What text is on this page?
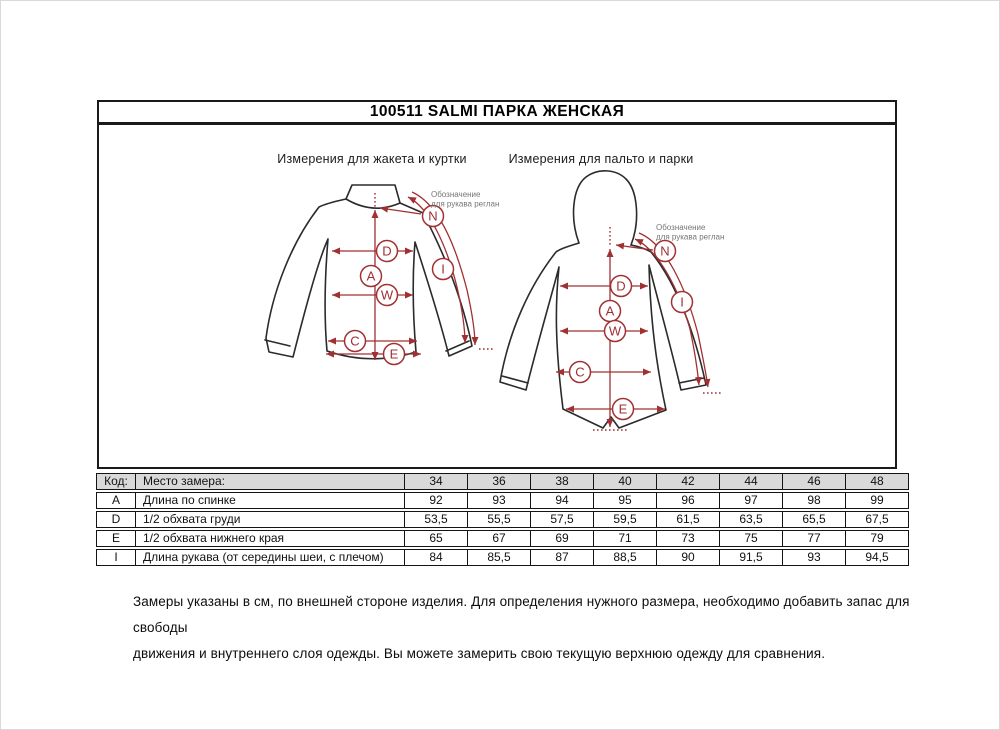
100511 SALMI ПАРКА ЖЕНСКАЯ
Измерения для жакета и куртки	Измерения для пальто и парки
D
A
W
C
E
I
N
Обозначение
для рукава реглан
D
A
W
C
E
I
N
Обозначение
для рукава реглан
Код:	Место замера:	34	36	38	40	42	44	46	48
A	Длина по спинке	92	93	94	95	96	97	98	99
D	1/2 обхвата груди	53,5	55,5	57,5	59,5	61,5	63,5	65,5	67,5
E	1/2 обхвата нижнего края	65	67	69	71	73	75	77	79
I	Длина рукава (от середины шеи, с плечом)	84	85,5	87	88,5	90	91,5	93	94,5
Замеры указаны в см, по внешней стороне изделия. Для определения нужного размера, необходимо добавить запас для свободы
движения и внутреннего слоя одежды. Вы можете замерить свою текущую верхнюю одежду для сравнения.
